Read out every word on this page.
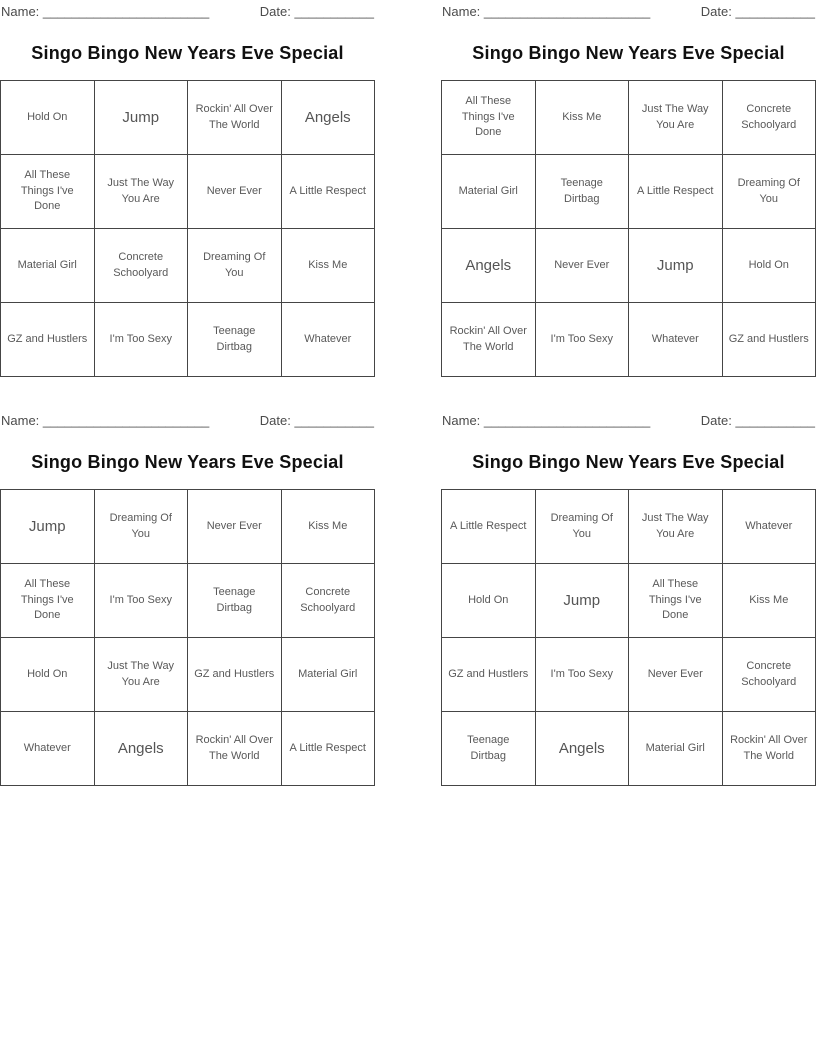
Name: _______________________	Date: ___________
Singo Bingo New Years Eve Special
Hold On	Jump	Rockin' All Over The World	Angels
All These Things I've Done	Just The Way You Are	Never Ever	A Little Respect
Material Girl	Concrete Schoolyard	Dreaming Of You	Kiss Me
GZ and Hustlers	I'm Too Sexy	Teenage Dirtbag	Whatever
Name: _______________________	Date: ___________
Singo Bingo New Years Eve Special
All These Things I've Done	Kiss Me	Just The Way You Are	Concrete Schoolyard
Material Girl	Teenage Dirtbag	A Little Respect	Dreaming Of You
Angels	Never Ever	Jump	Hold On
Rockin' All Over The World	I'm Too Sexy	Whatever	GZ and Hustlers
Name: _______________________	Date: ___________
Singo Bingo New Years Eve Special
Jump	Dreaming Of You	Never Ever	Kiss Me
All These Things I've Done	I'm Too Sexy	Teenage Dirtbag	Concrete Schoolyard
Hold On	Just The Way You Are	GZ and Hustlers	Material Girl
Whatever	Angels	Rockin' All Over The World	A Little Respect
Name: _______________________	Date: ___________
Singo Bingo New Years Eve Special
A Little Respect	Dreaming Of You	Just The Way You Are	Whatever
Hold On	Jump	All These Things I've Done	Kiss Me
GZ and Hustlers	I'm Too Sexy	Never Ever	Concrete Schoolyard
Teenage Dirtbag	Angels	Material Girl	Rockin' All Over The World
